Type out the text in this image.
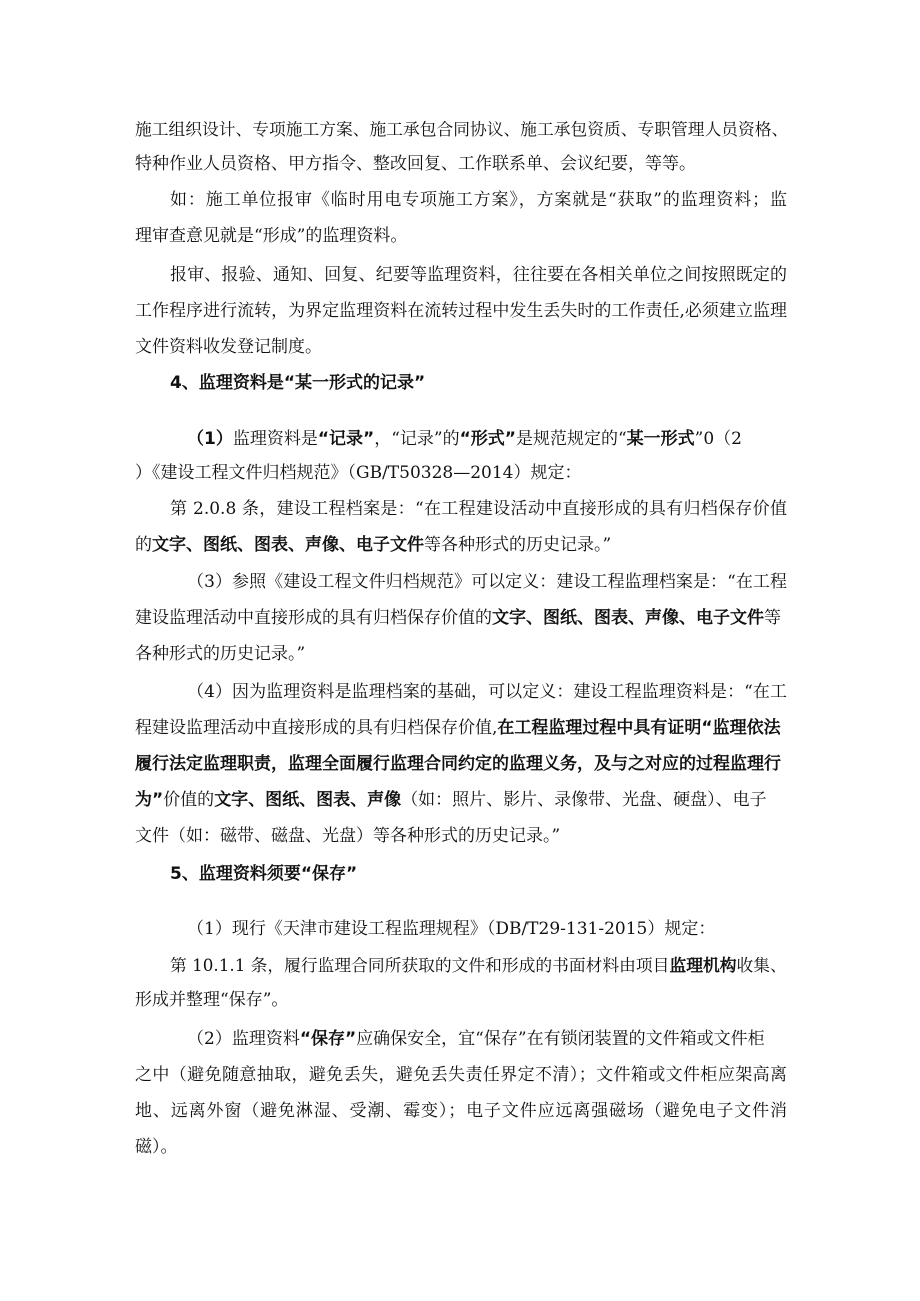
施工组织设计、专项施工方案、施工承包合同协议、施工承包资质、专职管理人员资格、
特种作业人员资格、甲方指令、整改回复、工作联系单、会议纪要，等等。
如：施工单位报审《临时用电专项施工方案》，方案就是“获取”的监理资料；监
理审查意见就是“形成”的监理资料。
报审、报验、通知、回复、纪要等监理资料，往往要在各相关单位之间按照既定的
工作程序进行流转，为界定监理资料在流转过程中发生丢失时的工作责任,必须建立监理
文件资料收发登记制度。
4、监理资料是“某一形式的记录”
（1）监理资料是“记录”，“记录”的“形式”是规范规定的“某一形式”0（2
）《建设工程文件归档规范》（GB/T50328—2014）规定：
第 2.0.8 条，建设工程档案是：“在工程建设活动中直接形成的具有归档保存价值
的文字、图纸、图表、声像、电子文件等各种形式的历史记录。”
（3）参照《建设工程文件归档规范》可以定义：建设工程监理档案是：“在工程
建设监理活动中直接形成的具有归档保存价值的文字、图纸、图表、声像、电子文件等
各种形式的历史记录。”
（4）因为监理资料是监理档案的基础，可以定义：建设工程监理资料是：“在工
程建设监理活动中直接形成的具有归档保存价值,在工程监理过程中具有证明“监理依法
履行法定监理职责，监理全面履行监理合同约定的监理义务，及与之对应的过程监理行
为”价值的文字、图纸、图表、声像（如：照片、影片、录像带、光盘、硬盘）、电子
文件（如：磁带、磁盘、光盘）等各种形式的历史记录。”
5、监理资料须要“保存”
（1）现行《天津市建设工程监理规程》（DB/T29-131-2015）规定：
第 10.1.1 条，履行监理合同所获取的文件和形成的书面材料由项目监理机构收集、
形成并整理“保存”。
（2）监理资料“保存”应确保安全，宜“保存”在有锁闭装置的文件箱或文件柜
之中（避免随意抽取，避免丢失，避免丢失责任界定不清）；文件箱或文件柜应架高离
地、远离外窗（避免淋湿、受潮、霉变）；电子文件应远离强磁场（避免电子文件消
磁）。
